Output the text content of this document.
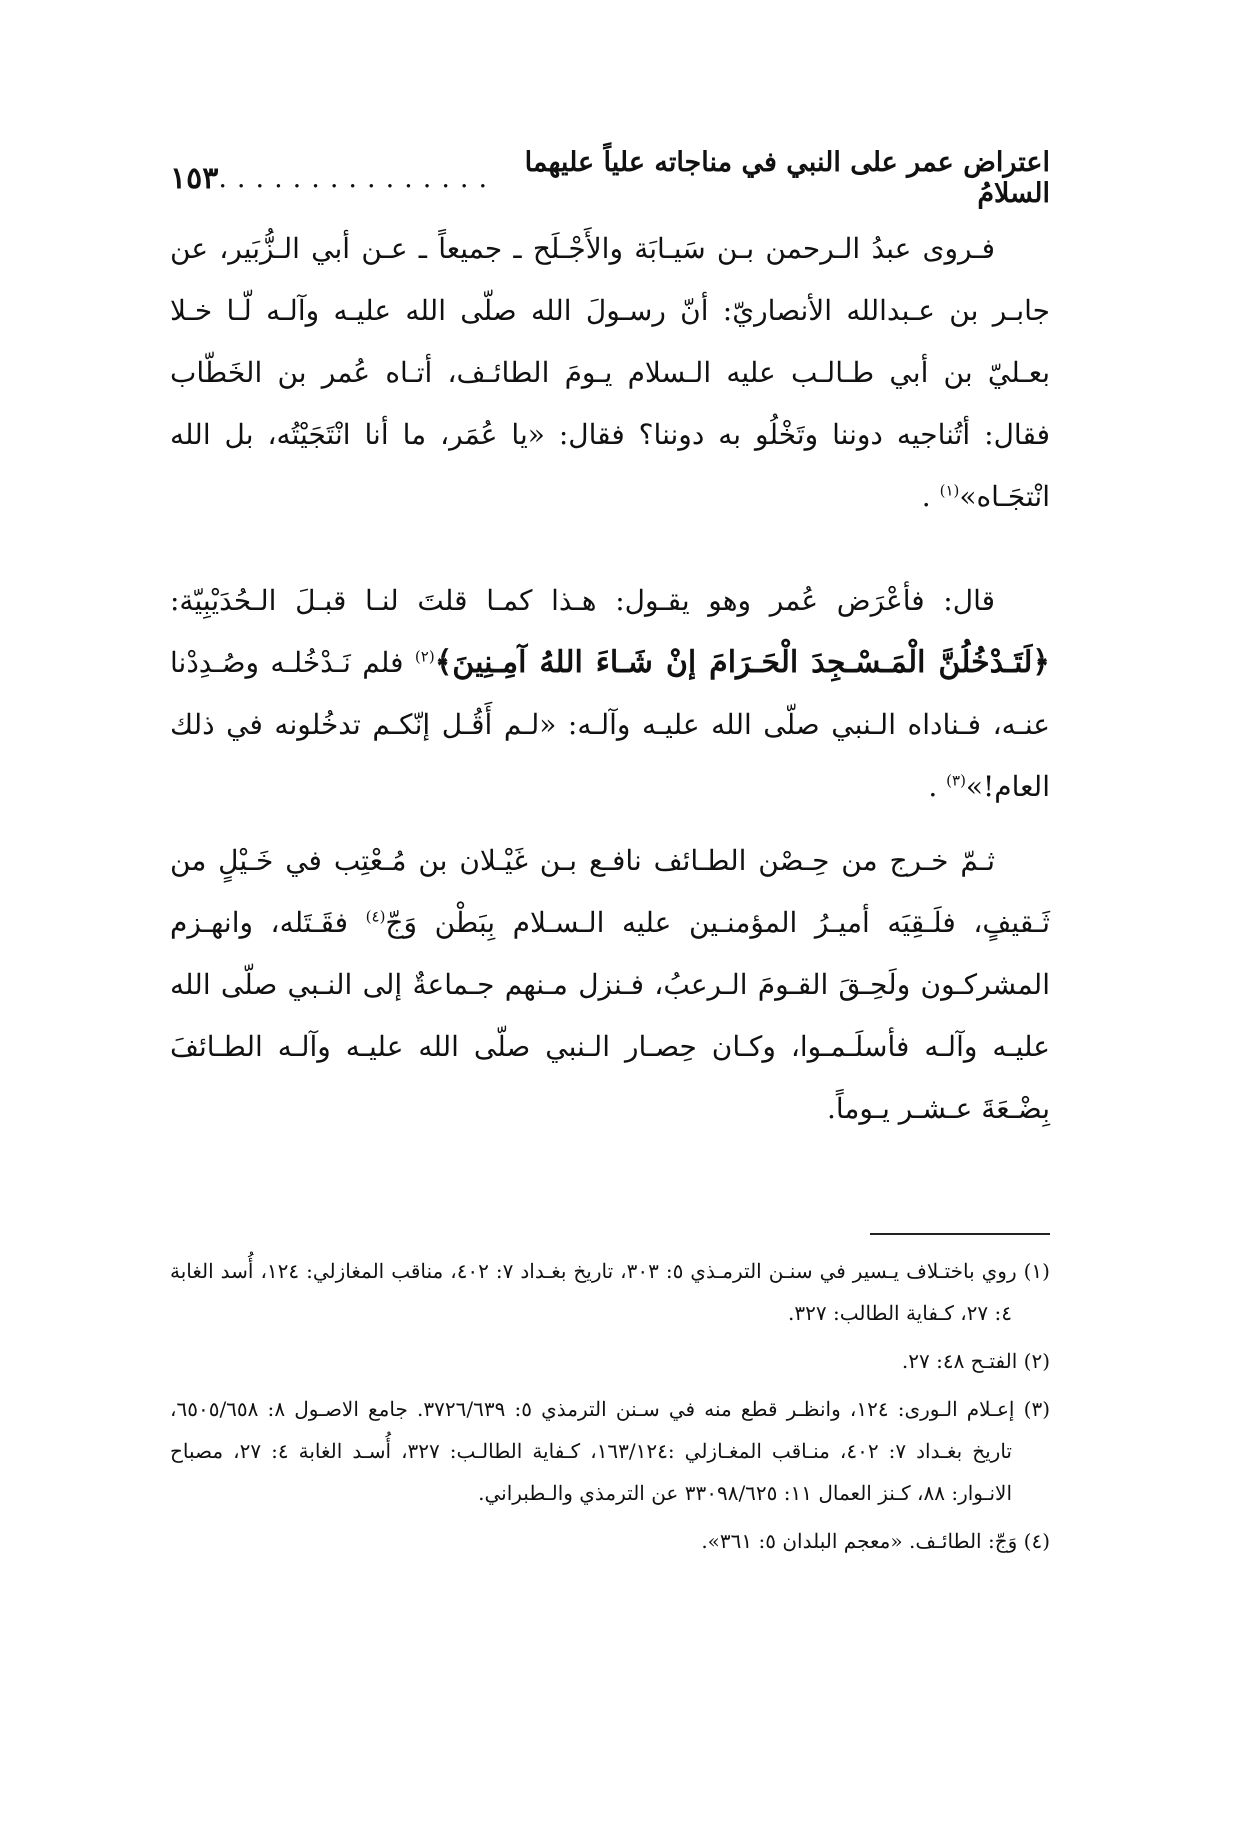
اعتراض عمر على النبي في مناجاته علياً عليهما السلامُ
...............
١٥٣

فـروى عبدُ الـرحمن بـن سَيـابَة والأَجْـلَح ـ جميعاً ـ عـن أبي الـزُّبَير، عن جابـر بن عـبدالله الأنصاريّ: أنّ رسـولَ الله صلّى الله عليـه وآلـه لّـا خـلا بعـليّ بن أبي طـالـب عليه الـسلام يـومَ الطائـف، أتـاه عُمر بن الخَطّاب فقال: أتُناجيه دوننا وتَخْلُو به دوننا؟ فقال: «يا عُمَر، ما أنا انْتَجَيْتُه، بل الله انْتجَـاه»$^{(١)}$ .

قال: فأعْرَض عُمر وهو يقـول: هـذا كمـا قلتَ لنـا قبـلَ الـحُدَيْبِيّة: ﴿لَتَـدْخُلُنَّ الْمَـسْـجِدَ الْحَـرَامَ إنْ شَـاءَ اللهُ آمِـنِينَ﴾$^{(٢)}$ فلم نَـدْخُلـه وصُـدِدْنا عنـه، فـناداه الـنبي صلّى الله عليـه وآلـه: «لـم أَقُـل إنّكـم تدخُلونه في ذلك العام!»$^{(٣)}$ .

ثـمّ خـرج من حِـصْن الطـائف نافـع بـن غَيْـلان بن مُـعْتِب في خَـيْلٍ من ثَـقيفٍ، فلَـقِيَه أميـرُ المؤمنـين عليه الـسـلام بِبَطْن وَجّ$^{(٤)}$ فقَـتَله، وانهـزم المشركـون ولَحِـقَ القـومَ الـرعبُ، فـنزل مـنهم جـماعةٌ إلى النـبي صلّى الله عليـه وآلـه فأسلَـمـوا، وكـان حِصـار الـنبي صلّى الله عليـه وآلـه الطـائفَ بِضْـعَةَ عـشـر يـوماً.

(١) روي باختـلاف يـسير في سنـن الترمـذي ٥: ٣٠٣، تاريخ بغـداد ٧: ٤٠٢، مناقب المغازلي: ١٢٤، أُسد الغابة ٤: ٢٧، كـفاية الطالب: ٣٢٧.

(٢) الفتـح ٤٨: ٢٧.

(٣) إعـلام الـورى: ١٢٤، وانظـر قطع منه في سـنن الترمذي ٥: ٣٧٢٦/٦٣٩. جامع الاصـول ٨: ٦٥٠٥/٦٥٨، تاريخ بغـداد ٧: ٤٠٢، منـاقب المغـازلي :١٦٣/١٢٤، كـفاية الطالـب: ٣٢٧، أُسـد الغابة ٤: ٢٧، مصباح الانـوار: ٨٨، كـنز العمال ١١: ٣٣٠٩٨/٦٢٥ عن الترمذي والـطبراني.

(٤) وَجّ: الطائـف. «معجم البلدان ٥: ٣٦١».
